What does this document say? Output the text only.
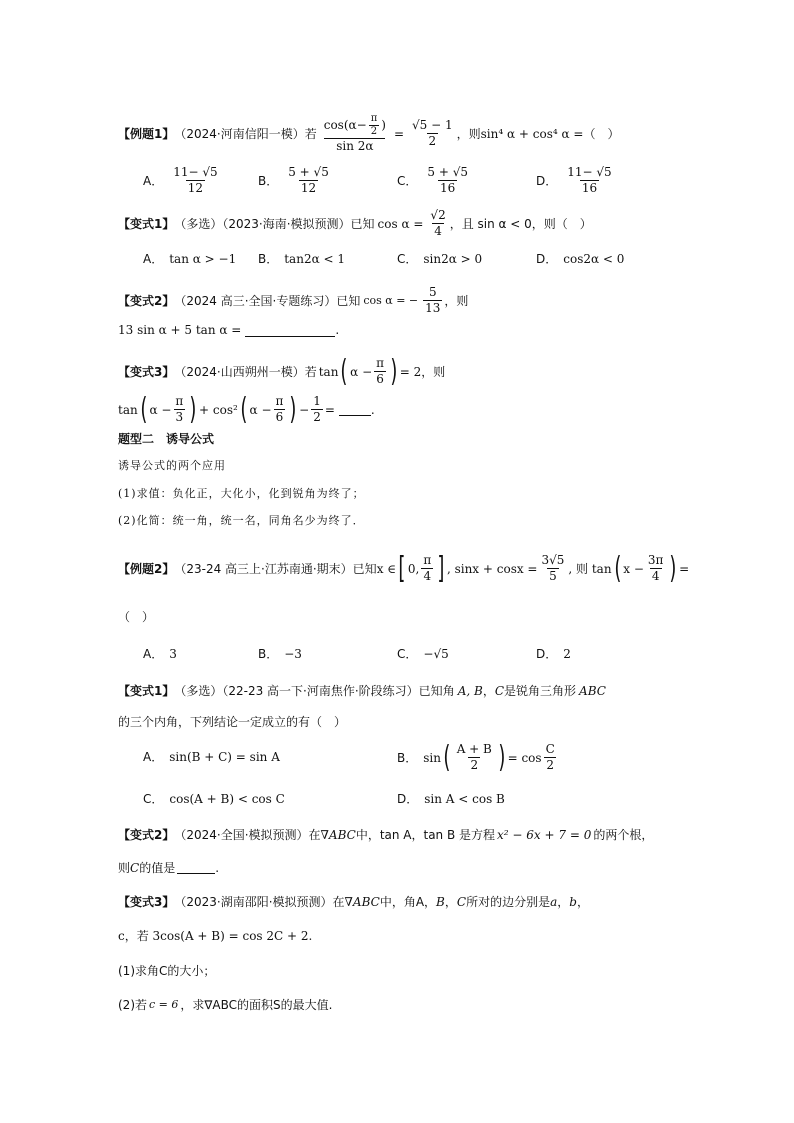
【例题1】 （2024·河南信阳一模） 若 $\frac{\cos(\alpha- \frac{\pi}{2} )}{\sin 2\alpha} = \frac{√5 - 1}{2}$ ，则 sin⁴ α + cos⁴ α =（　）
A． $\frac{11- √5}{12}$	B． $\frac{5 + √5}{12}$	C． $\frac{5 + √5}{16}$	D． $\frac{11- √5}{16}$
【变式1】 （多选）（2023·海南·模拟预测）已知 $\cos \alpha = \frac{√2}{4}$ ，且 sin α < 0，则（　）
A． tan α > −1 B． tan2α < 1	C． sin2α > 0	D． cos2α < 0
【变式2】 （2024 高三·全国·专题练习）已知 cos α = − $\frac{5}{13}$ ，则
13 sin α + 5 tan α =	.
【变式3】 （2024·山西朔州一模）若 tan ( $\alpha - \frac{\pi}{6}$ ) = 2，则
tan ( $\alpha - \frac{\pi}{3}$ ) + cos² ( $\alpha - \frac{\pi}{6}$ ) − $\frac{1}{2}$ =	.
题型二　诱导公式
诱导公式的两个应用
(1)求值：负化正，大化小，化到锐角为终了；
(2)化简：统一角，统一名，同角名少为终了．
【例题2】 （23-24 高三上·江苏南通·期末）已知 x ∈ [ 0, $\frac{\pi}{4}$ ] , $\sin x + \cos x = \frac{3√5}{5}$ , 则 tan ( $x - \frac{3\pi}{4}$ ) =
（　）
A． 3	B． −3	C． −√5	D． 2
【变式1】 （多选）（22-23 高一下·河南焦作·阶段练习）已知角 A, B ， C 是锐角三角形 ABC
的三个内角，下列结论一定成立的有（　）
A． sin(B + C) = sin A	B． sin ( $\frac{A + B}{2}$ ) = $\cos \frac{C}{2}$
C． cos(A + B) < cos C	D． sin A < cos B
【变式2】 （2024·全国·模拟预测）在 ∇ABC 中，tan A，tan B 是方程 x² − 6x + 7 = 0 的两个根，
则 C 的值是	.
【变式3】 （2023·湖南邵阳·模拟预测）在 ∇ABC 中，角A， B ， C 所对的边分别是 a ， b ，
c，若 3cos(A + B) = cos 2C + 2.
(1)求角C的大小；
(2)若 c = 6 ，求∇ABC的面积S的最大值.
